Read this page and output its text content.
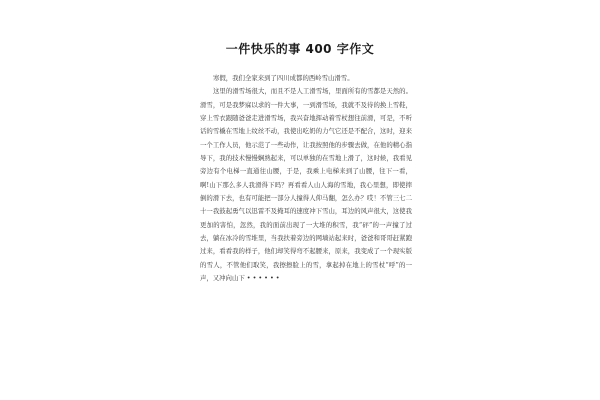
一件快乐的事 400 字作文

寒假，我们全家来到了四川成都的西岭雪山滑雪。

这里的滑雪场很大，而且不是人工滑雪场，里面所有的雪都是天然的。滑雪，可是我梦寐以求的一件大事，一到滑雪场，我就不及待的换上雪鞋，穿上雪衣跟随爸爸走进滑雪场，我兴奋地挥动着雪杖想往前滑，可是，不听话的雪橇在雪地上纹丝不动，我使出吃奶的力气它还是不配合，这时，迎来一个工作人员，他示范了一些动作，让我按照他的步骤去做，在他的精心指导下，我的技术慢慢娴熟起来，可以单独的在雪地上滑了，这时候，我看见旁边有个电梯一直通往山腰，于是，我乘上电梯来到了山腰，往下一看，啊!山下那么多人我滑得下吗？再看看人山人海的雪地，我心里想，即使摔倒的滑下去，也有可能把一部分人撞得人仰马翻，怎么办？哎！不管三七二十一我鼓起勇气以迅雷不及掩耳的速度冲下雪山，耳边的风声很大，这使我更加的害怕，忽然，我的面前出现了一大堆的积雪，我“砰”的一声撞了过去，躺在冰冷的雪堆里，当我扶着旁边的网墙站起来时，爸爸和哥哥赶紧跑过来，看看我的样子，他们却笑得弯不起腰来，原来，我变成了一个现实版的雪人，不管他们取笑，我擦擦脸上的雪，拿起掉在地上的雪杖“呼”的一声，又冲向山下 • • • • • •
